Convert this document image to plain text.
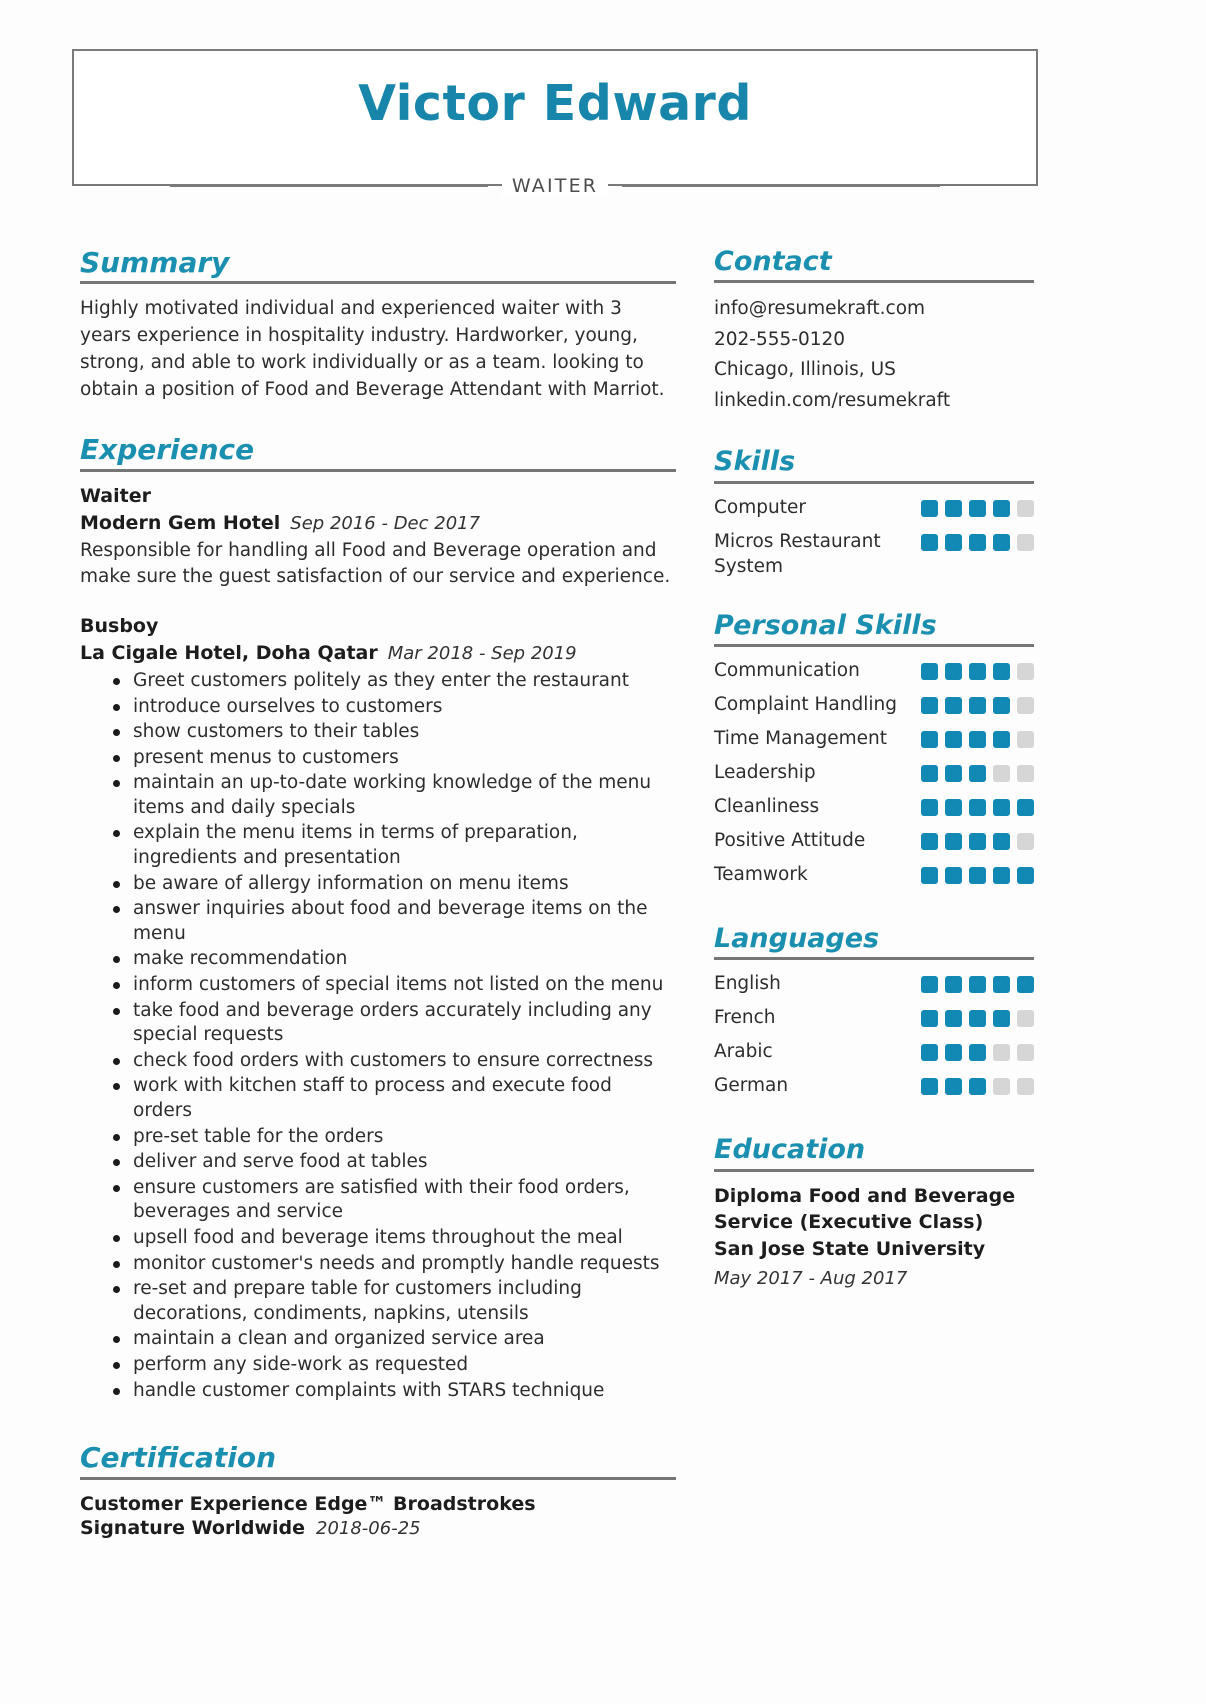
Victor Edward
WAITER
Summary
Highly motivated individual and experienced waiter with 3 years experience in hospitality industry. Hardworker, young, strong, and able to work individually or as a team. looking to obtain a position of Food and Beverage Attendant with Marriot.
Experience
Waiter
Modern Gem Hotel Sep 2016 - Dec 2017
Responsible for handling all Food and Beverage operation and make sure the guest satisfaction of our service and experience.
Busboy
La Cigale Hotel, Doha Qatar Mar 2018 - Sep 2019
Greet customers politely as they enter the restaurant
introduce ourselves to customers
show customers to their tables
present menus to customers
maintain an up-to-date working knowledge of the menu items and daily specials
explain the menu items in terms of preparation, ingredients and presentation
be aware of allergy information on menu items
answer inquiries about food and beverage items on the menu
make recommendation
inform customers of special items not listed on the menu
take food and beverage orders accurately including any special requests
check food orders with customers to ensure correctness
work with kitchen staff to process and execute food orders
pre-set table for the orders
deliver and serve food at tables
ensure customers are satisfied with their food orders, beverages and service
upsell food and beverage items throughout the meal
monitor customer's needs and promptly handle requests
re-set and prepare table for customers including decorations, condiments, napkins, utensils
maintain a clean and organized service area
perform any side-work as requested
handle customer complaints with STARS technique
Certification
Customer Experience Edge™ Broadstrokes
Signature Worldwide 2018-06-25
Contact
info@resumekraft.com
202-555-0120
Chicago, Illinois, US
linkedin.com/resumekraft
Skills
Computer
Micros Restaurant System
Personal Skills
Communication
Complaint Handling
Time Management
Leadership
Cleanliness
Positive Attitude
Teamwork
Languages
English
French
Arabic
German
Education
Diploma Food and Beverage
Service (Executive Class)
San Jose State University
May 2017 - Aug 2017
